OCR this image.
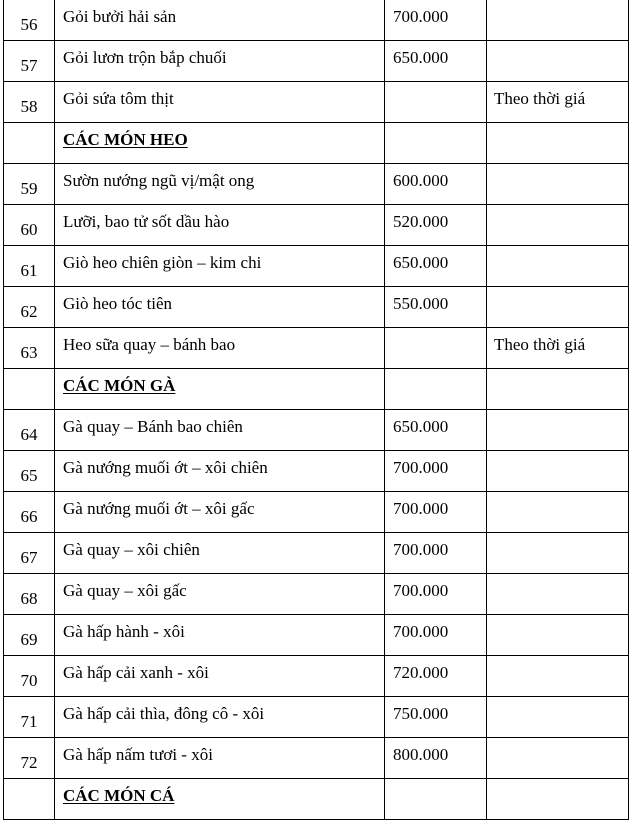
56	Gỏi bưởi hải sản	700.000	
57	Gỏi lươn trộn bắp chuối	650.000	
58	Gỏi sứa tôm thịt		Theo thời giá
	CÁC MÓN HEO		
59	Sườn nướng ngũ vị/mật ong	600.000	
60	Lưỡi, bao tử sốt dầu hào	520.000	
61	Giò heo chiên giòn – kim chi	650.000	
62	Giò heo tóc tiên	550.000	
63	Heo sữa quay – bánh bao		Theo thời giá
	CÁC MÓN GÀ		
64	Gà quay – Bánh bao chiên	650.000	
65	Gà nướng muối ớt – xôi chiên	700.000	
66	Gà nướng muối ớt – xôi gấc	700.000	
67	Gà quay – xôi chiên	700.000	
68	Gà quay – xôi gấc	700.000	
69	Gà hấp hành - xôi	700.000	
70	Gà hấp cải xanh - xôi	720.000	
71	Gà hấp cải thìa, đông cô - xôi	750.000	
72	Gà hấp nấm tươi - xôi	800.000	
	CÁC MÓN CÁ		
